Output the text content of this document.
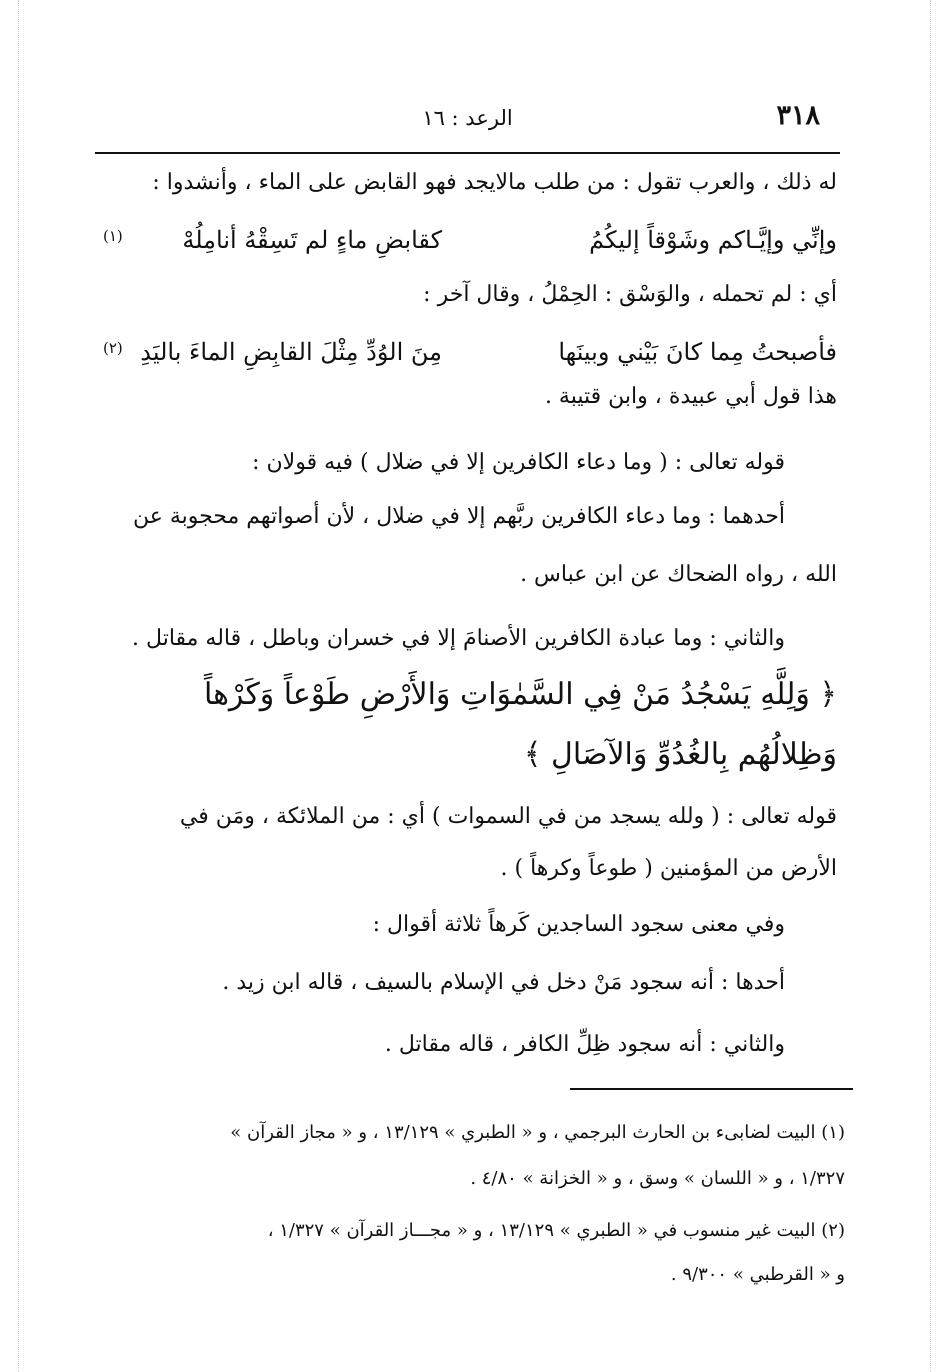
٣١٨
الرعد : ١٦
له ذلك ، والعرب تقول : من طلب مالايجد فهو القابض على الماء ، وأنشدوا :
وإنِّي وإيَّـاكم وشَوْقاً إليكُمُ
كقابضِ ماءٍ لم تَسِقْهُ أنامِلُهْ
(١)
أي : لم تحمله ، والوَسْق : الحِمْلُ ، وقال آخر :
فأصبحتُ مِما كانَ بَيْني وبينَها
مِنَ الوُدِّ مِثْلَ القابِضِ الماءَ باليَدِ
(٢)
هذا قول أبي عبيدة ، وابن قتيبة .
قوله تعالى : ( وما دعاء الكافرين إلا في ضلال ) فيه قولان :
أحدهما : وما دعاء الكافرين ربَّهم إلا في ضلال ، لأن أصواتهم محجوبة عن
الله ، رواه الضحاك عن ابن عباس .
والثاني : وما عبادة الكافرين الأصنامَ إلا في خسران وباطل ، قاله مقاتل .
﴿ وَلِلَّهِ يَسْجُدُ مَنْ فِي السَّمٰوَاتِ وَالأَرْضِ طَوْعاً وَكَرْهاً
وَظِلالُهُم بِالغُدُوِّ وَالآصَالِ ﴾
قوله تعالى : ( ولله يسجد من في السموات ) أي : من الملائكة ، ومَن في
الأرض من المؤمنين ( طوعاً وكرهاً ) .
وفي معنى سجود الساجدين كَرهاً ثلاثة أقوال :
أحدها : أنه سجود مَنْ دخل في الإسلام بالسيف ، قاله ابن زيد .
والثاني : أنه سجود ظِلِّ الكافر ، قاله مقاتل .
(١) البيت لضابىء بن الحارث البرجمي ، و « الطبري » ١٣/١٢٩ ، و « مجاز القرآن »
١/٣٢٧ ، و « اللسان » وسق ، و « الخزانة » ٤/٨٠ .
(٢) البيت غير منسوب في « الطبري » ١٣/١٢٩ ، و « مجـــاز القرآن » ١/٣٢٧ ،
و « القرطبي » ٩/٣٠٠ .
